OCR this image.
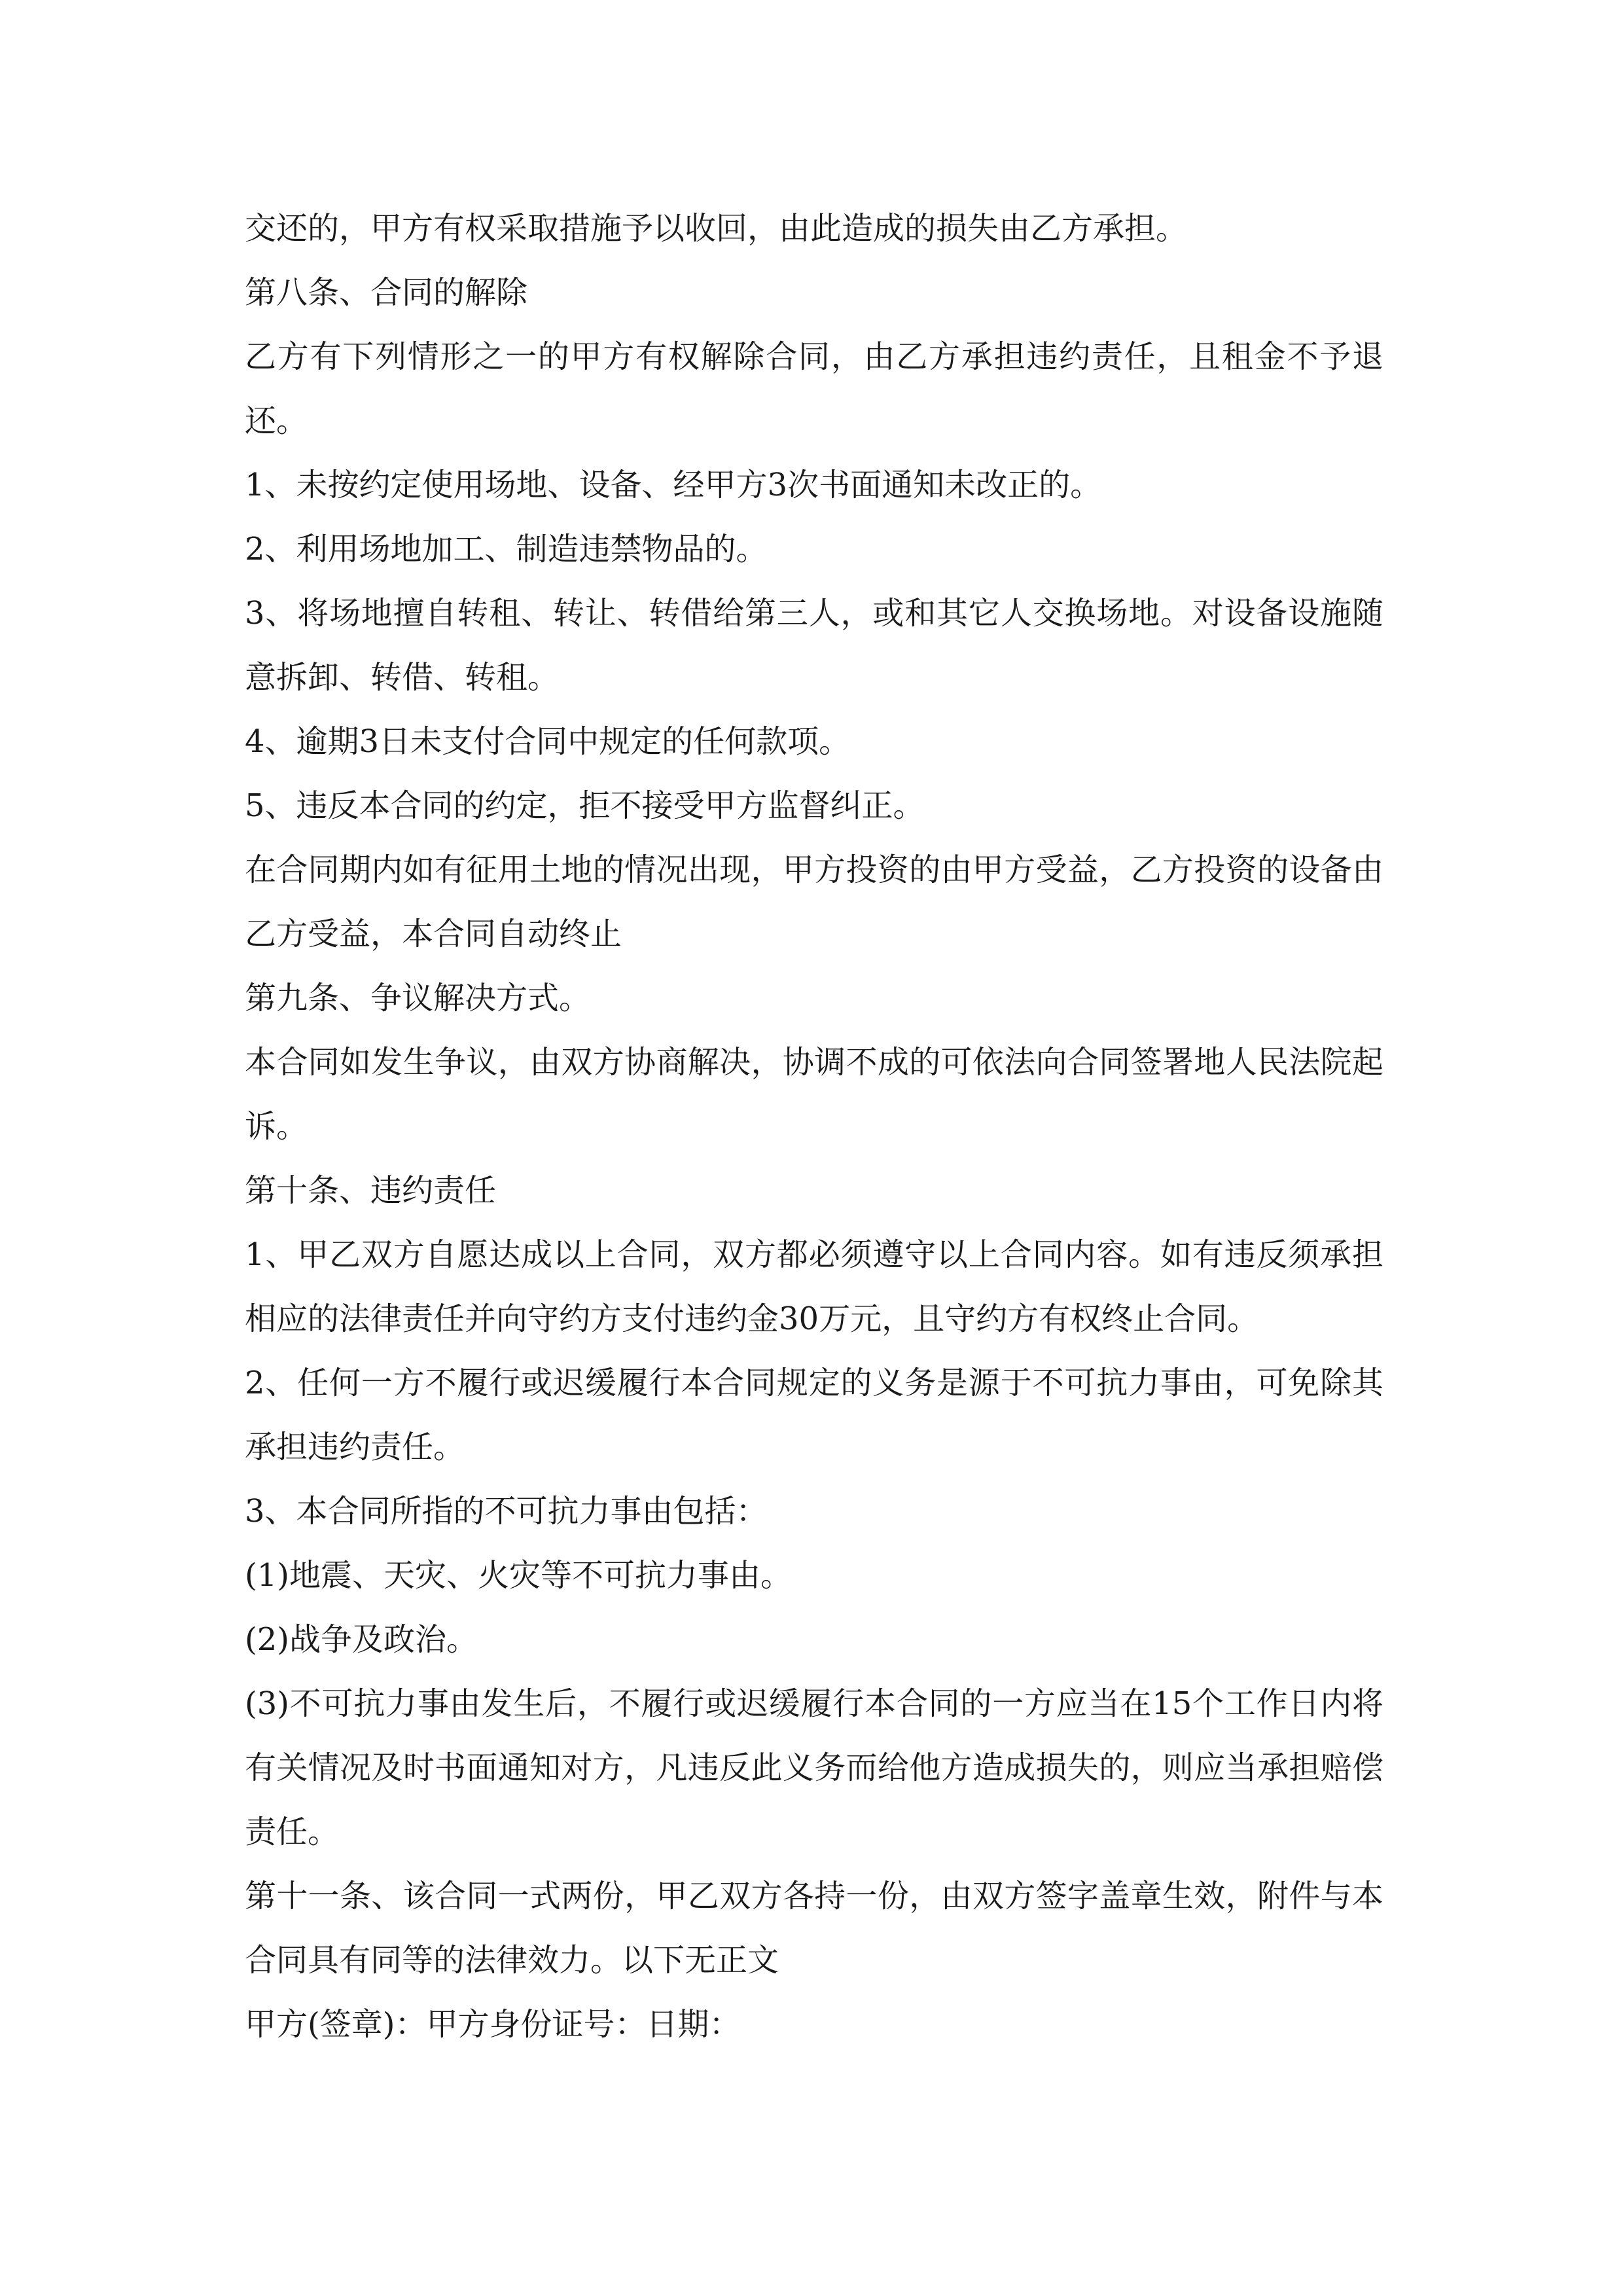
交还的，甲方有权采取措施予以收回，由此造成的损失由乙方承担。

第八条、合同的解除

乙方有下列情形之一的甲方有权解除合同，由乙方承担违约责任，且租金不予退还。

1、未按约定使用场地、设备、经甲方3次书面通知未改正的。

2、利用场地加工、制造违禁物品的。

3、将场地擅自转租、转让、转借给第三人，或和其它人交换场地。对设备设施随意拆卸、转借、转租。

4、逾期3日未支付合同中规定的任何款项。

5、违反本合同的约定，拒不接受甲方监督纠正。

在合同期内如有征用土地的情况出现，甲方投资的由甲方受益，乙方投资的设备由乙方受益，本合同自动终止

第九条、争议解决方式。

本合同如发生争议，由双方协商解决，协调不成的可依法向合同签署地人民法院起诉。

第十条、违约责任

1、甲乙双方自愿达成以上合同，双方都必须遵守以上合同内容。如有违反须承担相应的法律责任并向守约方支付违约金30万元，且守约方有权终止合同。

2、任何一方不履行或迟缓履行本合同规定的义务是源于不可抗力事由，可免除其承担违约责任。

3、本合同所指的不可抗力事由包括：

(1)地震、天灾、火灾等不可抗力事由。

(2)战争及政治。

(3)不可抗力事由发生后，不履行或迟缓履行本合同的一方应当在15个工作日内将有关情况及时书面通知对方，凡违反此义务而给他方造成损失的，则应当承担赔偿责任。

第十一条、该合同一式两份，甲乙双方各持一份，由双方签字盖章生效，附件与本合同具有同等的法律效力。以下无正文

甲方(签章)：甲方身份证号：日期：
